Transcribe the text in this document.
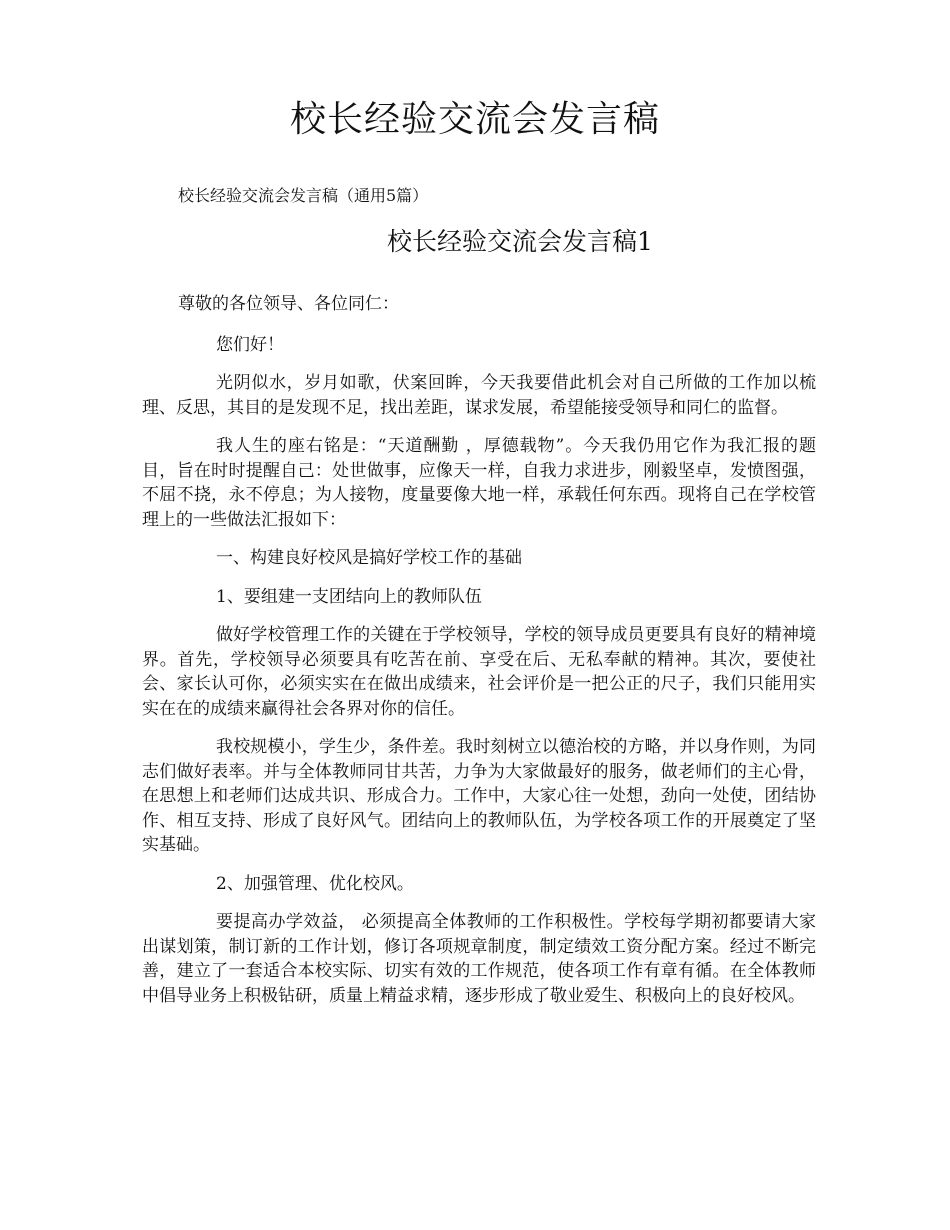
校长经验交流会发言稿

校长经验交流会发言稿（通用5篇）

校长经验交流会发言稿1

尊敬的各位领导、各位同仁：

您们好！

光阴似水，岁月如歌，伏案回眸，今天我要借此机会对自己所做的工作加以梳理、反思，其目的是发现不足，找出差距，谋求发展，希望能接受领导和同仁的监督。

我人生的座右铭是：“天道酬勤 ，厚德载物”。今天我仍用它作为我汇报的题目，旨在时时提醒自己：处世做事，应像天一样，自我力求进步，刚毅坚卓，发愤图强，不屈不挠，永不停息；为人接物，度量要像大地一样，承载任何东西。现将自己在学校管理上的一些做法汇报如下：

一、构建良好校风是搞好学校工作的基础

1、要组建一支团结向上的教师队伍

做好学校管理工作的关键在于学校领导，学校的领导成员更要具有良好的精神境界。首先，学校领导必须要具有吃苦在前、享受在后、无私奉献的精神。其次，要使社会、家长认可你，必须实实在在做出成绩来，社会评价是一把公正的尺子，我们只能用实实在在的成绩来赢得社会各界对你的信任。

我校规模小，学生少，条件差。我时刻树立以德治校的方略，并以身作则，为同志们做好表率。并与全体教师同甘共苦，力争为大家做最好的服务，做老师们的主心骨，在思想上和老师们达成共识、形成合力。工作中，大家心往一处想，劲向一处使，团结协作、相互支持、形成了良好风气。团结向上的教师队伍，为学校各项工作的开展奠定了坚实基础。

2、加强管理、优化校风。

要提高办学效益， 必须提高全体教师的工作积极性。学校每学期初都要请大家出谋划策，制订新的工作计划，修订各项规章制度，制定绩效工资分配方案。经过不断完善，建立了一套适合本校实际、切实有效的工作规范，使各项工作有章有循。在全体教师中倡导业务上积极钻研，质量上精益求精，逐步形成了敬业爱生、积极向上的良好校风。
